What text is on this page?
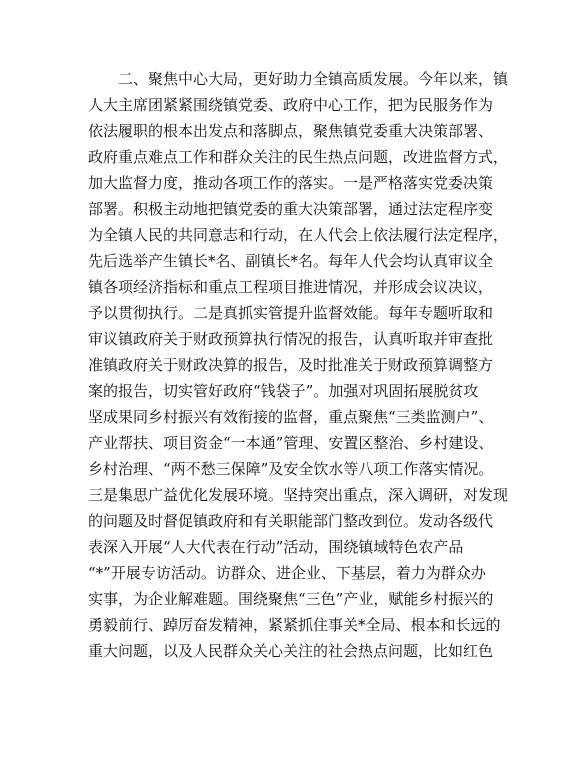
二、聚焦中心大局，更好助力全镇高质发展。今年以来，镇
人大主席团紧紧围绕镇党委、政府中心工作，把为民服务作为
依法履职的根本出发点和落脚点，聚焦镇党委重大决策部署、
政府重点难点工作和群众关注的民生热点问题，改进监督方式，
加大监督力度，推动各项工作的落实。一是严格落实党委决策
部署。积极主动地把镇党委的重大决策部署，通过法定程序变
为全镇人民的共同意志和行动，在人代会上依法履行法定程序，
先后选举产生镇长*名、副镇长*名。每年人代会均认真审议全
镇各项经济指标和重点工程项目推进情况，并形成会议决议，
予以贯彻执行。二是真抓实管提升监督效能。每年专题听取和
审议镇政府关于财政预算执行情况的报告，认真听取并审查批
准镇政府关于财政决算的报告，及时批准关于财政预算调整方
案的报告，切实管好政府“钱袋子”。加强对巩固拓展脱贫攻
坚成果同乡村振兴有效衔接的监督，重点聚焦“三类监测户”、
产业帮扶、项目资金“一本通”管理、安置区整治、乡村建设、
乡村治理、“两不愁三保障”及安全饮水等八项工作落实情况。
三是集思广益优化发展环境。坚持突出重点，深入调研，对发现
的问题及时督促镇政府和有关职能部门整改到位。发动各级代
表深入开展“人大代表在行动”活动，围绕镇域特色农产品
“*”开展专访活动。访群众、进企业、下基层，着力为群众办
实事，为企业解难题。围绕聚焦“三色”产业，赋能乡村振兴的
勇毅前行、踔厉奋发精神，紧紧抓住事关*全局、根本和长远的
重大问题，以及人民群众关心关注的社会热点问题，比如红色
